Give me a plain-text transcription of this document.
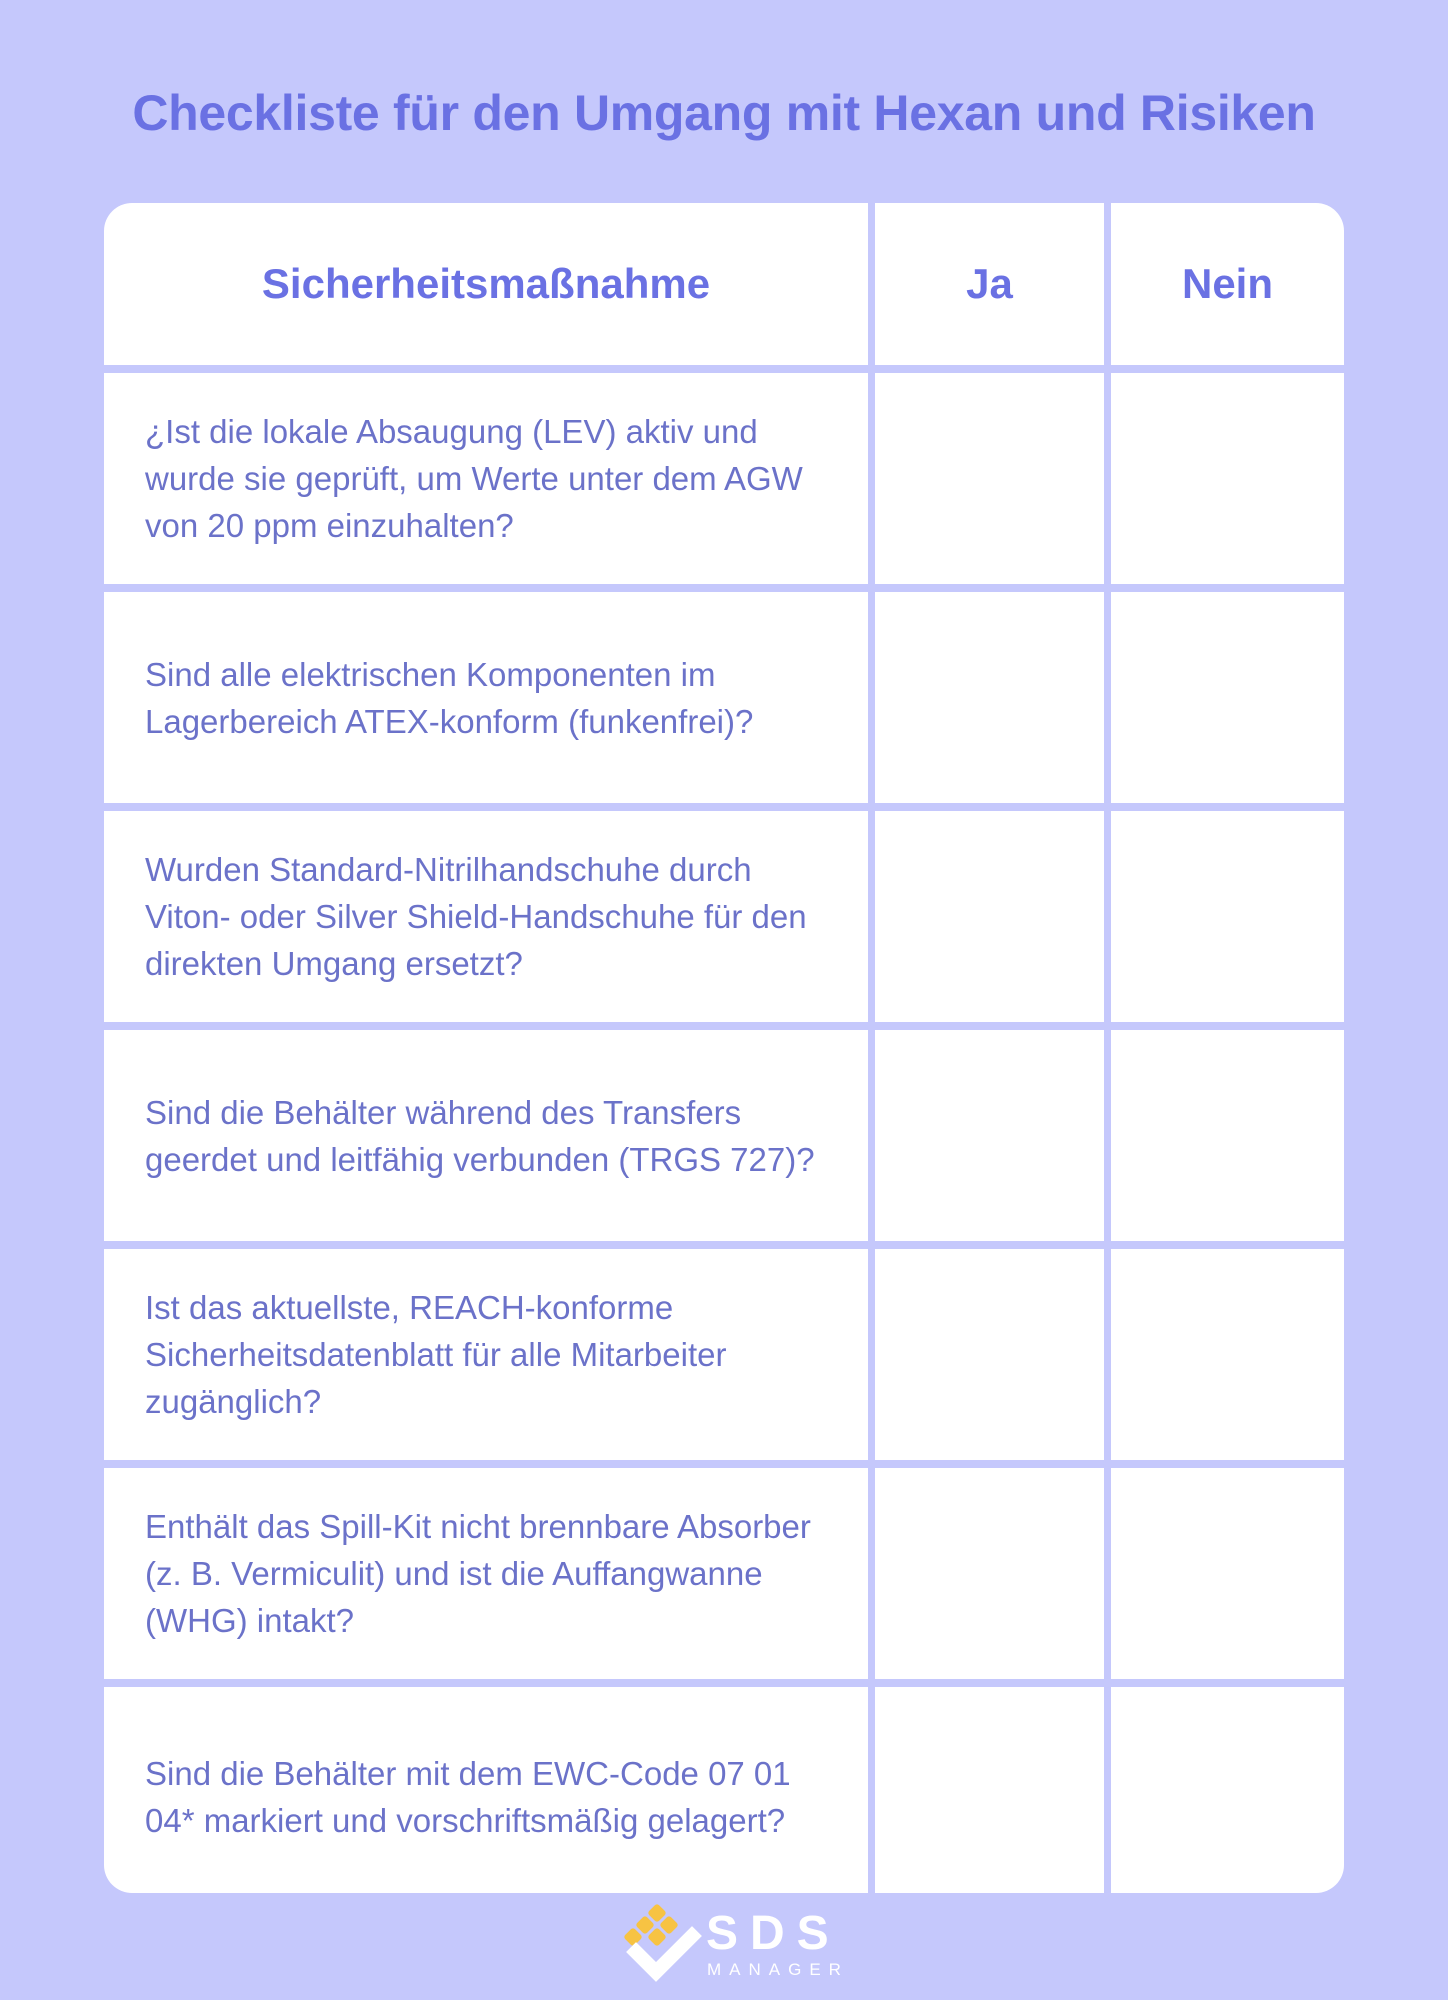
Checkliste für den Umgang mit Hexan und Risiken
Sicherheitsmaßnahme	Ja	Nein
¿Ist die lokale Absaugung (LEV) aktiv und wurde sie geprüft, um Werte unter dem AGW von 20 ppm einzuhalten?
Sind alle elektrischen Komponenten im Lagerbereich ATEX-konform (funkenfrei)?
Wurden Standard-Nitrilhandschuhe durch Viton- oder Silver Shield-Handschuhe für den direkten Umgang ersetzt?
Sind die Behälter während des Transfers geerdet und leitfähig verbunden (TRGS 727)?
Ist das aktuellste, REACH-konforme Sicherheitsdatenblatt für alle Mitarbeiter zugänglich?
Enthält das Spill-Kit nicht brennbare Absorber (z. B. Vermiculit) und ist die Auffangwanne (WHG) intakt?
Sind die Behälter mit dem EWC-Code 07 01 04* markiert und vorschriftsmäßig gelagert?
SDS
MANAGER
